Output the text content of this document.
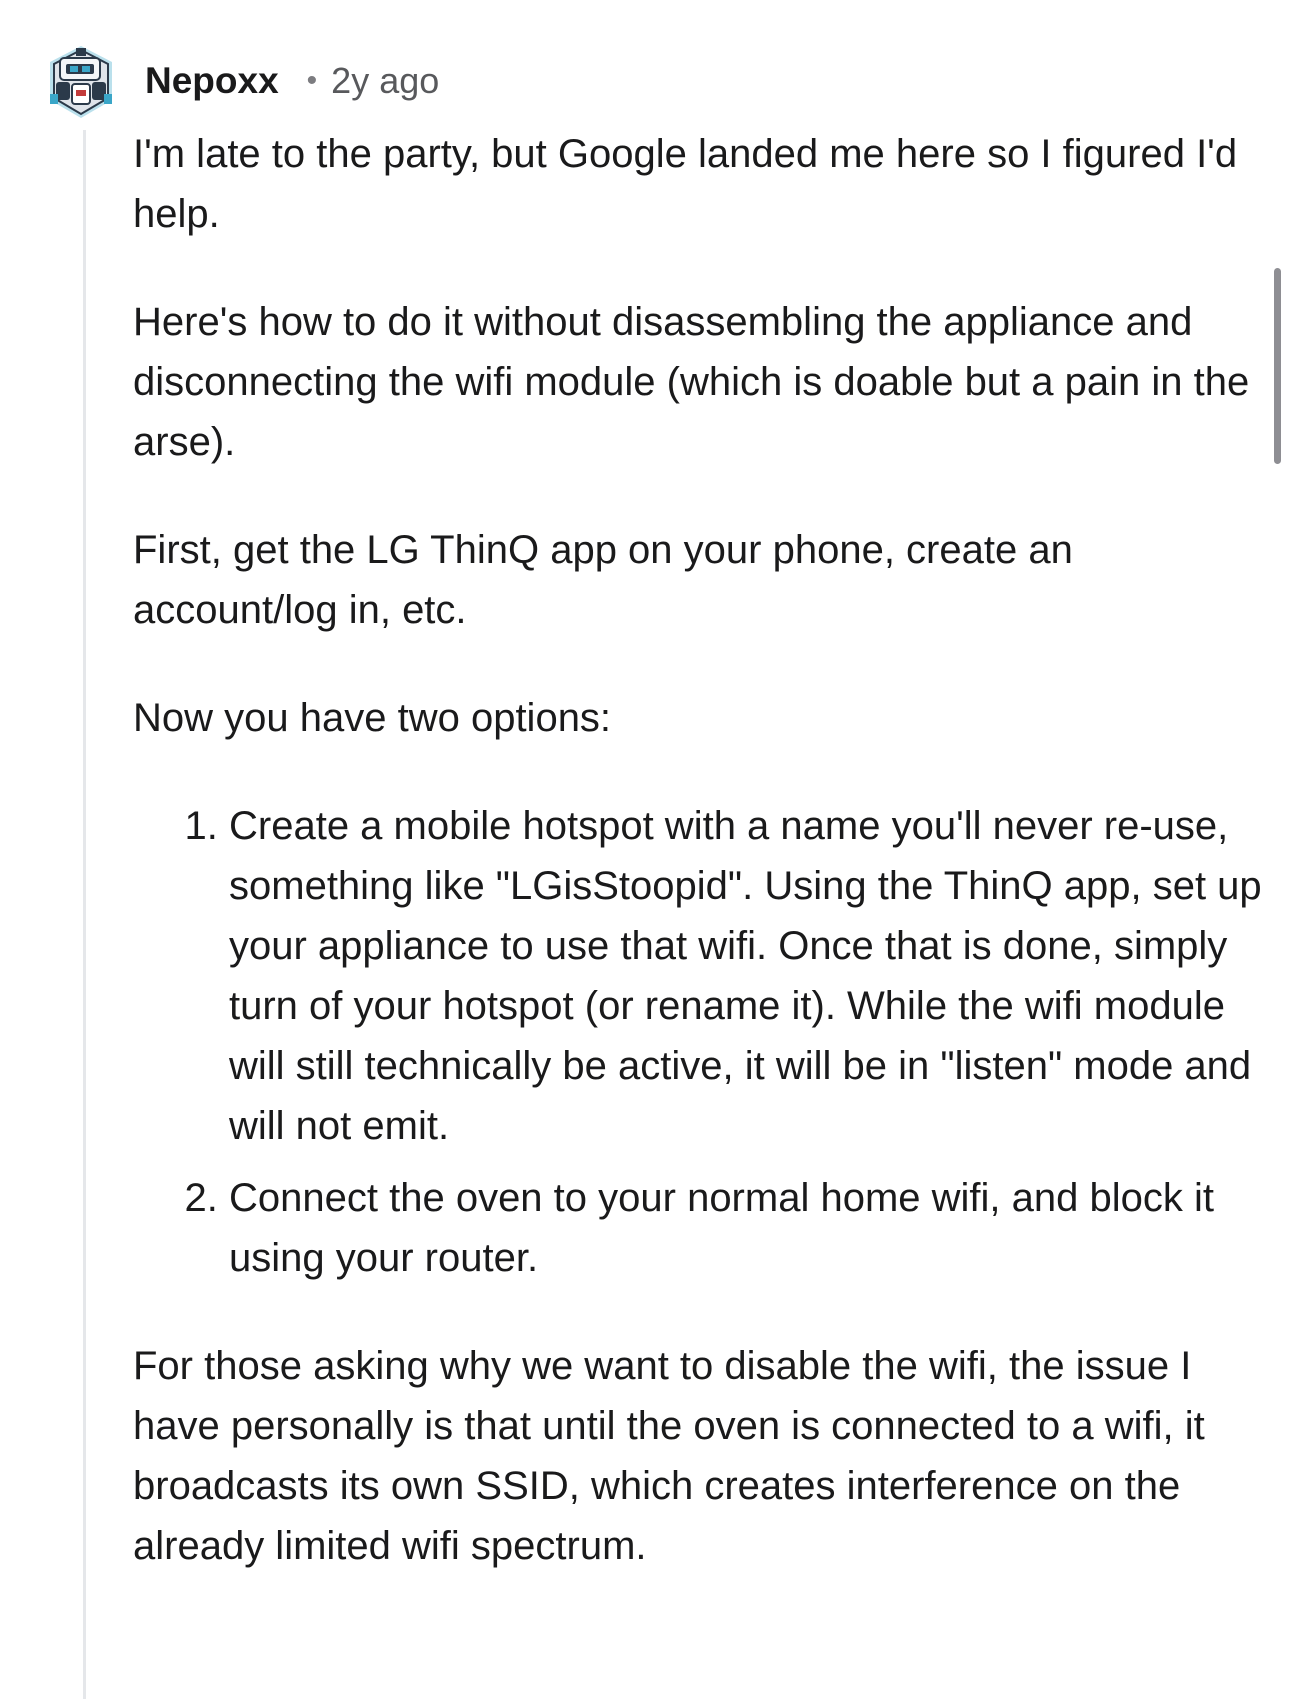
Nepoxx • 2y ago

I'm late to the party, but Google landed me here so I figured I'd help.

Here's how to do it without disassembling the appliance and disconnecting the wifi module (which is doable but a pain in the arse).

First, get the LG ThinQ app on your phone, create an account/log in, etc.

Now you have two options:

1. Create a mobile hotspot with a name you'll never re-use, something like "LGisStoopid". Using the ThinQ app, set up your appliance to use that wifi. Once that is done, simply turn of your hotspot (or rename it). While the wifi module will still technically be active, it will be in "listen" mode and will not emit.
2. Connect the oven to your normal home wifi, and block it using your router.

For those asking why we want to disable the wifi, the issue I have personally is that until the oven is connected to a wifi, it broadcasts its own SSID, which creates interference on the already limited wifi spectrum.
